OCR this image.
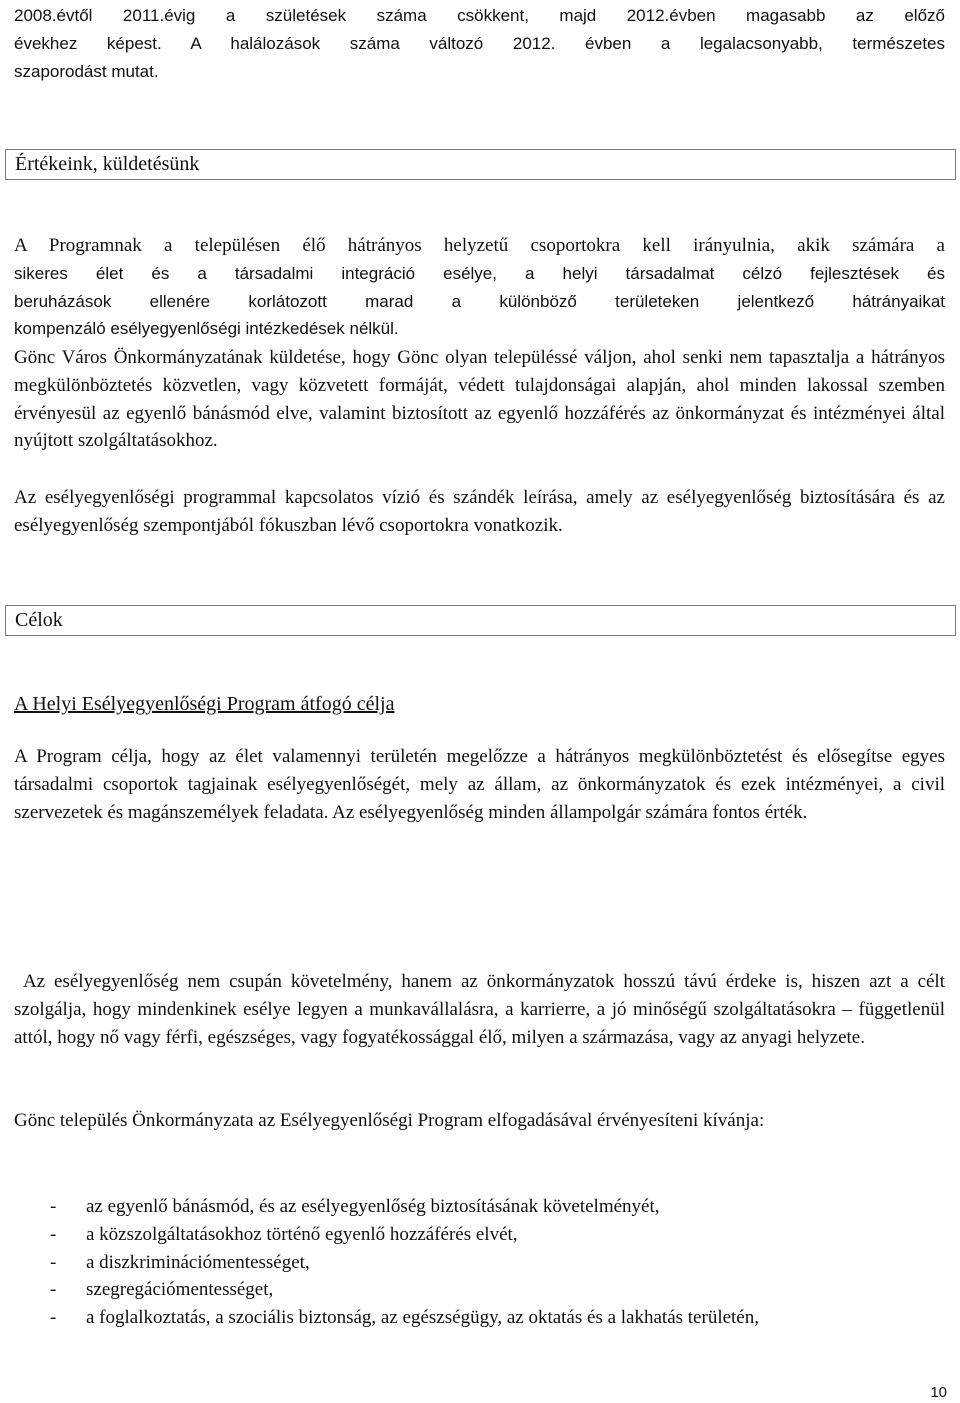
2008.évtől 2011.évig a születések száma csökkent, majd 2012.évben magasabb az előző
évekhez képest. A halálozások száma változó 2012. évben a legalacsonyabb, természetes
szaporodást mutat.
Értékeink, küldetésünk
A Programnak a településen élő hátrányos helyzetű csoportokra kell irányulnia, akik számára a
sikeres élet és a társadalmi integráció esélye, a helyi társadalmat célzó fejlesztések és
beruházások ellenére korlátozott marad a különböző területeken jelentkező hátrányaikat
kompenzáló esélyegyenlőségi intézkedések nélkül.

Gönc Város Önkormányzatának küldetése, hogy Gönc olyan településsé váljon, ahol senki nem tapasztalja a hátrányos megkülönböztetés közvetlen, vagy közvetett formáját, védett tulajdonságai alapján, ahol minden lakossal szemben érvényesül az egyenlő bánásmód elve, valamint biztosított az egyenlő hozzáférés az önkormányzat és intézményei által nyújtott szolgáltatásokhoz.

Az esélyegyenlőségi programmal kapcsolatos vízió és szándék leírása, amely az esélyegyenlőség biztosítására és az esélyegyenlőség szempontjából fókuszban lévő csoportokra vonatkozik.

Célok
A Helyi Esélyegyenlőségi Program átfogó célja

A Program célja, hogy az élet valamennyi területén megelőzze a hátrányos megkülönböztetést és elősegítse egyes társadalmi csoportok tagjainak esélyegyenlőségét, mely az állam, az önkormányzatok és ezek intézményei, a civil szervezetek és magánszemélyek feladata. Az esélyegyenlőség minden állampolgár számára fontos érték.

Az esélyegyenlőség nem csupán követelmény, hanem az önkormányzatok hosszú távú érdeke is, hiszen azt a célt szolgálja, hogy mindenkinek esélye legyen a munkavállalásra, a karrierre, a jó minőségű szolgáltatásokra – függetlenül attól, hogy nő vagy férfi, egészséges, vagy fogyatékossággal élő, milyen a származása, vagy az anyagi helyzete.

Gönc település Önkormányzata az Esélyegyenlőségi Program elfogadásával érvényesíteni kívánja:

- az egyenlő bánásmód, és az esélyegyenlőség biztosításának követelményét,
- a közszolgáltatásokhoz történő egyenlő hozzáférés elvét,
- a diszkriminációmentességet,
- szegregációmentességet,
- a foglalkoztatás, a szociális biztonság, az egészségügy, az oktatás és a lakhatás területén,
10
